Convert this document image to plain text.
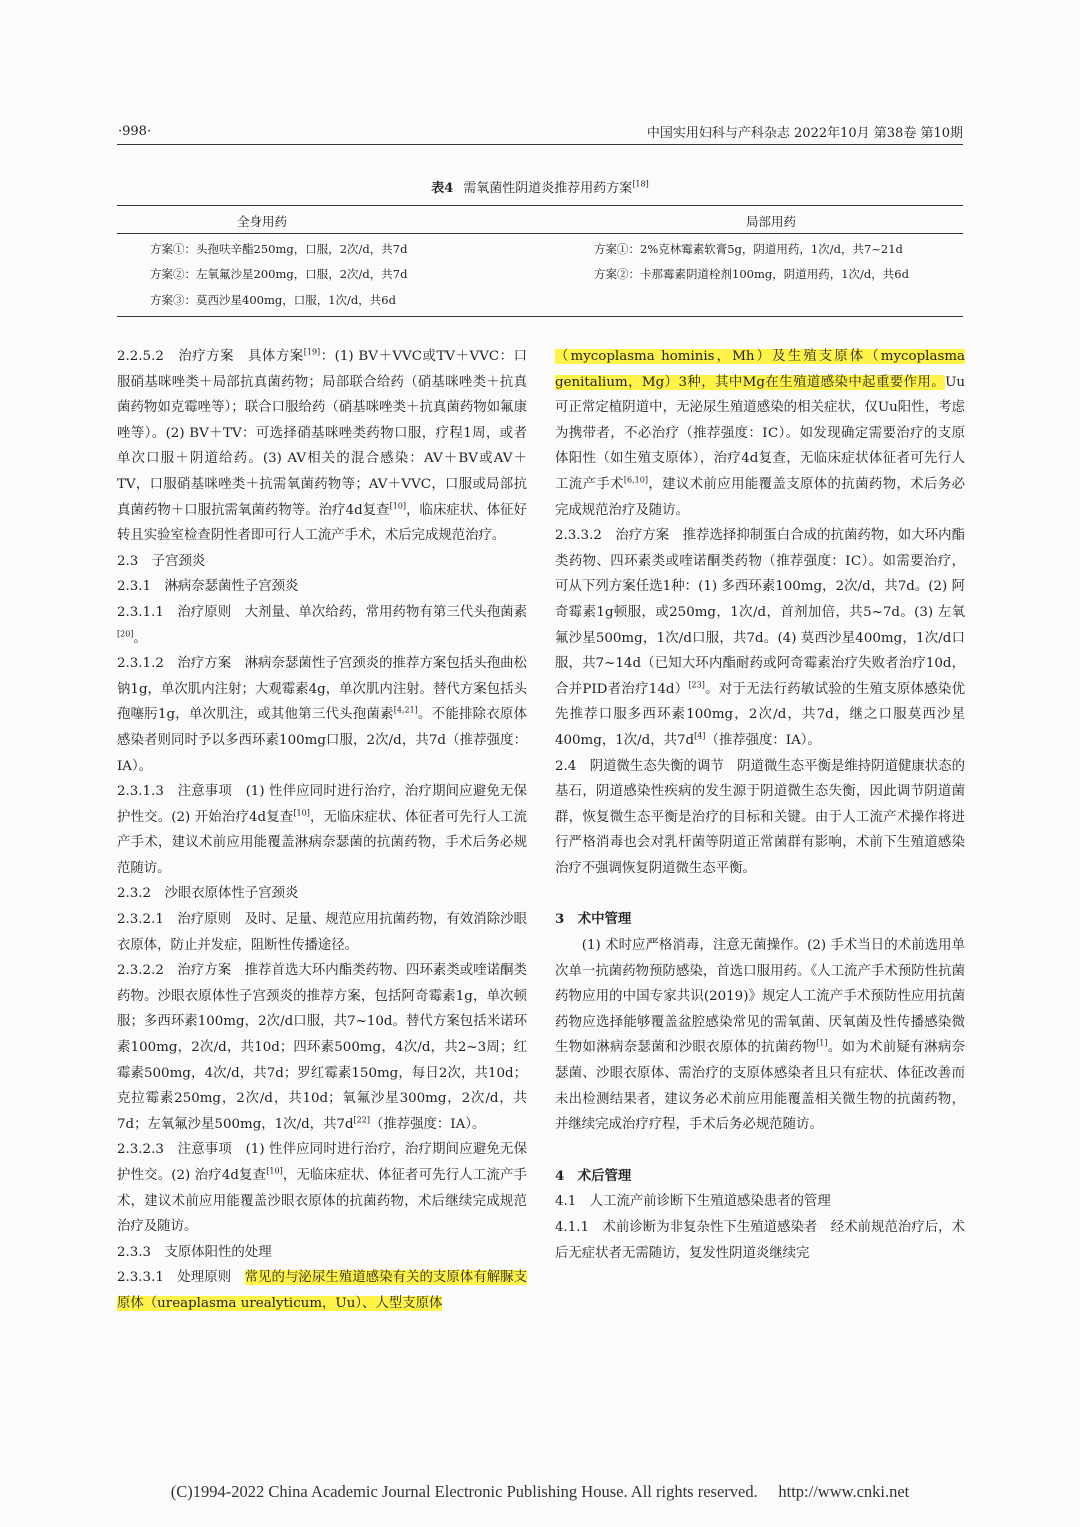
·998·	中国实用妇科与产科杂志 2022年10月 第38卷 第10期
表4 需氧菌性阴道炎推荐用药方案[18]
全身用药	局部用药
方案①：头孢呋辛酯250mg，口服，2次/d，共7d
方案②：左氧氟沙星200mg，口服，2次/d，共7d
方案③：莫西沙星400mg，口服，1次/d，共6d
方案①：2%克林霉素软膏5g，阴道用药，1次/d，共7~21d
方案②：卡那霉素阴道栓剂100mg，阴道用药，1次/d，共6d

2.2.5.2　治疗方案　具体方案[19]：(1) BV＋VVC或TV＋VVC：口服硝基咪唑类＋局部抗真菌药物；局部联合给药（硝基咪唑类＋抗真菌药物如克霉唑等）；联合口服给药（硝基咪唑类＋抗真菌药物如氟康唑等）。(2) BV＋TV：可选择硝基咪唑类药物口服，疗程1周，或者单次口服＋阴道给药。(3) AV相关的混合感染：AV＋BV或AV＋TV，口服硝基咪唑类＋抗需氧菌药物等；AV＋VVC，口服或局部抗真菌药物＋口服抗需氧菌药物等。治疗4d复查[10]，临床症状、体征好转且实验室检查阴性者即可行人工流产手术，术后完成规范治疗。

2.3　子宫颈炎

2.3.1　淋病奈瑟菌性子宫颈炎

2.3.1.1　治疗原则　大剂量、单次给药，常用药物有第三代头孢菌素[20]。

2.3.1.2　治疗方案　淋病奈瑟菌性子宫颈炎的推荐方案包括头孢曲松钠1g，单次肌内注射；大观霉素4g，单次肌内注射。替代方案包括头孢噻肟1g，单次肌注，或其他第三代头孢菌素[4,21]。不能排除衣原体感染者则同时予以多西环素100mg口服，2次/d，共7d（推荐强度：ⅠA）。

2.3.1.3　注意事项　(1) 性伴应同时进行治疗，治疗期间应避免无保护性交。(2) 开始治疗4d复查[10]，无临床症状、体征者可先行人工流产手术，建议术前应用能覆盖淋病奈瑟菌的抗菌药物，手术后务必规范随访。

2.3.2　沙眼衣原体性子宫颈炎

2.3.2.1　治疗原则　及时、足量、规范应用抗菌药物，有效消除沙眼衣原体，防止并发症，阻断性传播途径。

2.3.2.2　治疗方案　推荐首选大环内酯类药物、四环素类或喹诺酮类药物。沙眼衣原体性子宫颈炎的推荐方案，包括阿奇霉素1g，单次顿服；多西环素100mg，2次/d口服，共7~10d。替代方案包括米诺环素100mg，2次/d，共10d；四环素500mg，4次/d，共2~3周；红霉素500mg，4次/d，共7d；罗红霉素150mg，每日2次，共10d；克拉霉素250mg，2次/d，共10d；氧氟沙星300mg，2次/d，共7d；左氧氟沙星500mg，1次/d，共7d[22]（推荐强度：ⅠA）。

2.3.2.3　注意事项　(1) 性伴应同时进行治疗，治疗期间应避免无保护性交。(2) 治疗4d复查[10]，无临床症状、体征者可先行人工流产手术，建议术前应用能覆盖沙眼衣原体的抗菌药物，术后继续完成规范治疗及随访。

2.3.3　支原体阳性的处理

2.3.3.1　处理原则　常见的与泌尿生殖道感染有关的支原体有解脲支原体（ureaplasma urealyticum，Uu）、人型支原体

（mycoplasma hominis，Mh）及生殖支原体（mycoplasma genitalium，Mg）3种，其中Mg在生殖道感染中起重要作用。Uu可正常定植阴道中，无泌尿生殖道感染的相关症状，仅Uu阳性，考虑为携带者，不必治疗（推荐强度：ⅠC）。如发现确定需要治疗的支原体阳性（如生殖支原体），治疗4d复查，无临床症状体征者可先行人工流产手术[6,10]，建议术前应用能覆盖支原体的抗菌药物，术后务必完成规范治疗及随访。

2.3.3.2　治疗方案　推荐选择抑制蛋白合成的抗菌药物，如大环内酯类药物、四环素类或喹诺酮类药物（推荐强度：ⅠC）。如需要治疗，可从下列方案任选1种：(1) 多西环素100mg，2次/d，共7d。(2) 阿奇霉素1g顿服，或250mg，1次/d，首剂加倍，共5~7d。(3) 左氧氟沙星500mg，1次/d口服，共7d。(4) 莫西沙星400mg，1次/d口服，共7~14d（已知大环内酯耐药或阿奇霉素治疗失败者治疗10d，合并PID者治疗14d）[23]。对于无法行药敏试验的生殖支原体感染优先推荐口服多西环素100mg，2次/d，共7d，继之口服莫西沙星400mg，1次/d，共7d[4]（推荐强度：ⅠA）。

2.4　阴道微生态失衡的调节　阴道微生态平衡是维持阴道健康状态的基石，阴道感染性疾病的发生源于阴道微生态失衡，因此调节阴道菌群，恢复微生态平衡是治疗的目标和关键。由于人工流产术操作将进行严格消毒也会对乳杆菌等阴道正常菌群有影响，术前下生殖道感染治疗不强调恢复阴道微生态平衡。

3　术中管理

(1) 术时应严格消毒，注意无菌操作。(2) 手术当日的术前选用单次单一抗菌药物预防感染，首选口服用药。《人工流产手术预防性抗菌药物应用的中国专家共识(2019)》规定人工流产手术预防性应用抗菌药物应选择能够覆盖盆腔感染常见的需氧菌、厌氧菌及性传播感染微生物如淋病奈瑟菌和沙眼衣原体的抗菌药物[1]。如为术前疑有淋病奈瑟菌、沙眼衣原体、需治疗的支原体感染者且只有症状、体征改善而未出检测结果者，建议务必术前应用能覆盖相关微生物的抗菌药物，并继续完成治疗疗程，手术后务必规范随访。

4　术后管理

4.1　人工流产前诊断下生殖道感染患者的管理

4.1.1　术前诊断为非复杂性下生殖道感染者　经术前规范治疗后，术后无症状者无需随访，复发性阴道炎继续完

(C)1994-2022 China Academic Journal Electronic Publishing House. All rights reserved.　 http://www.cnki.net
